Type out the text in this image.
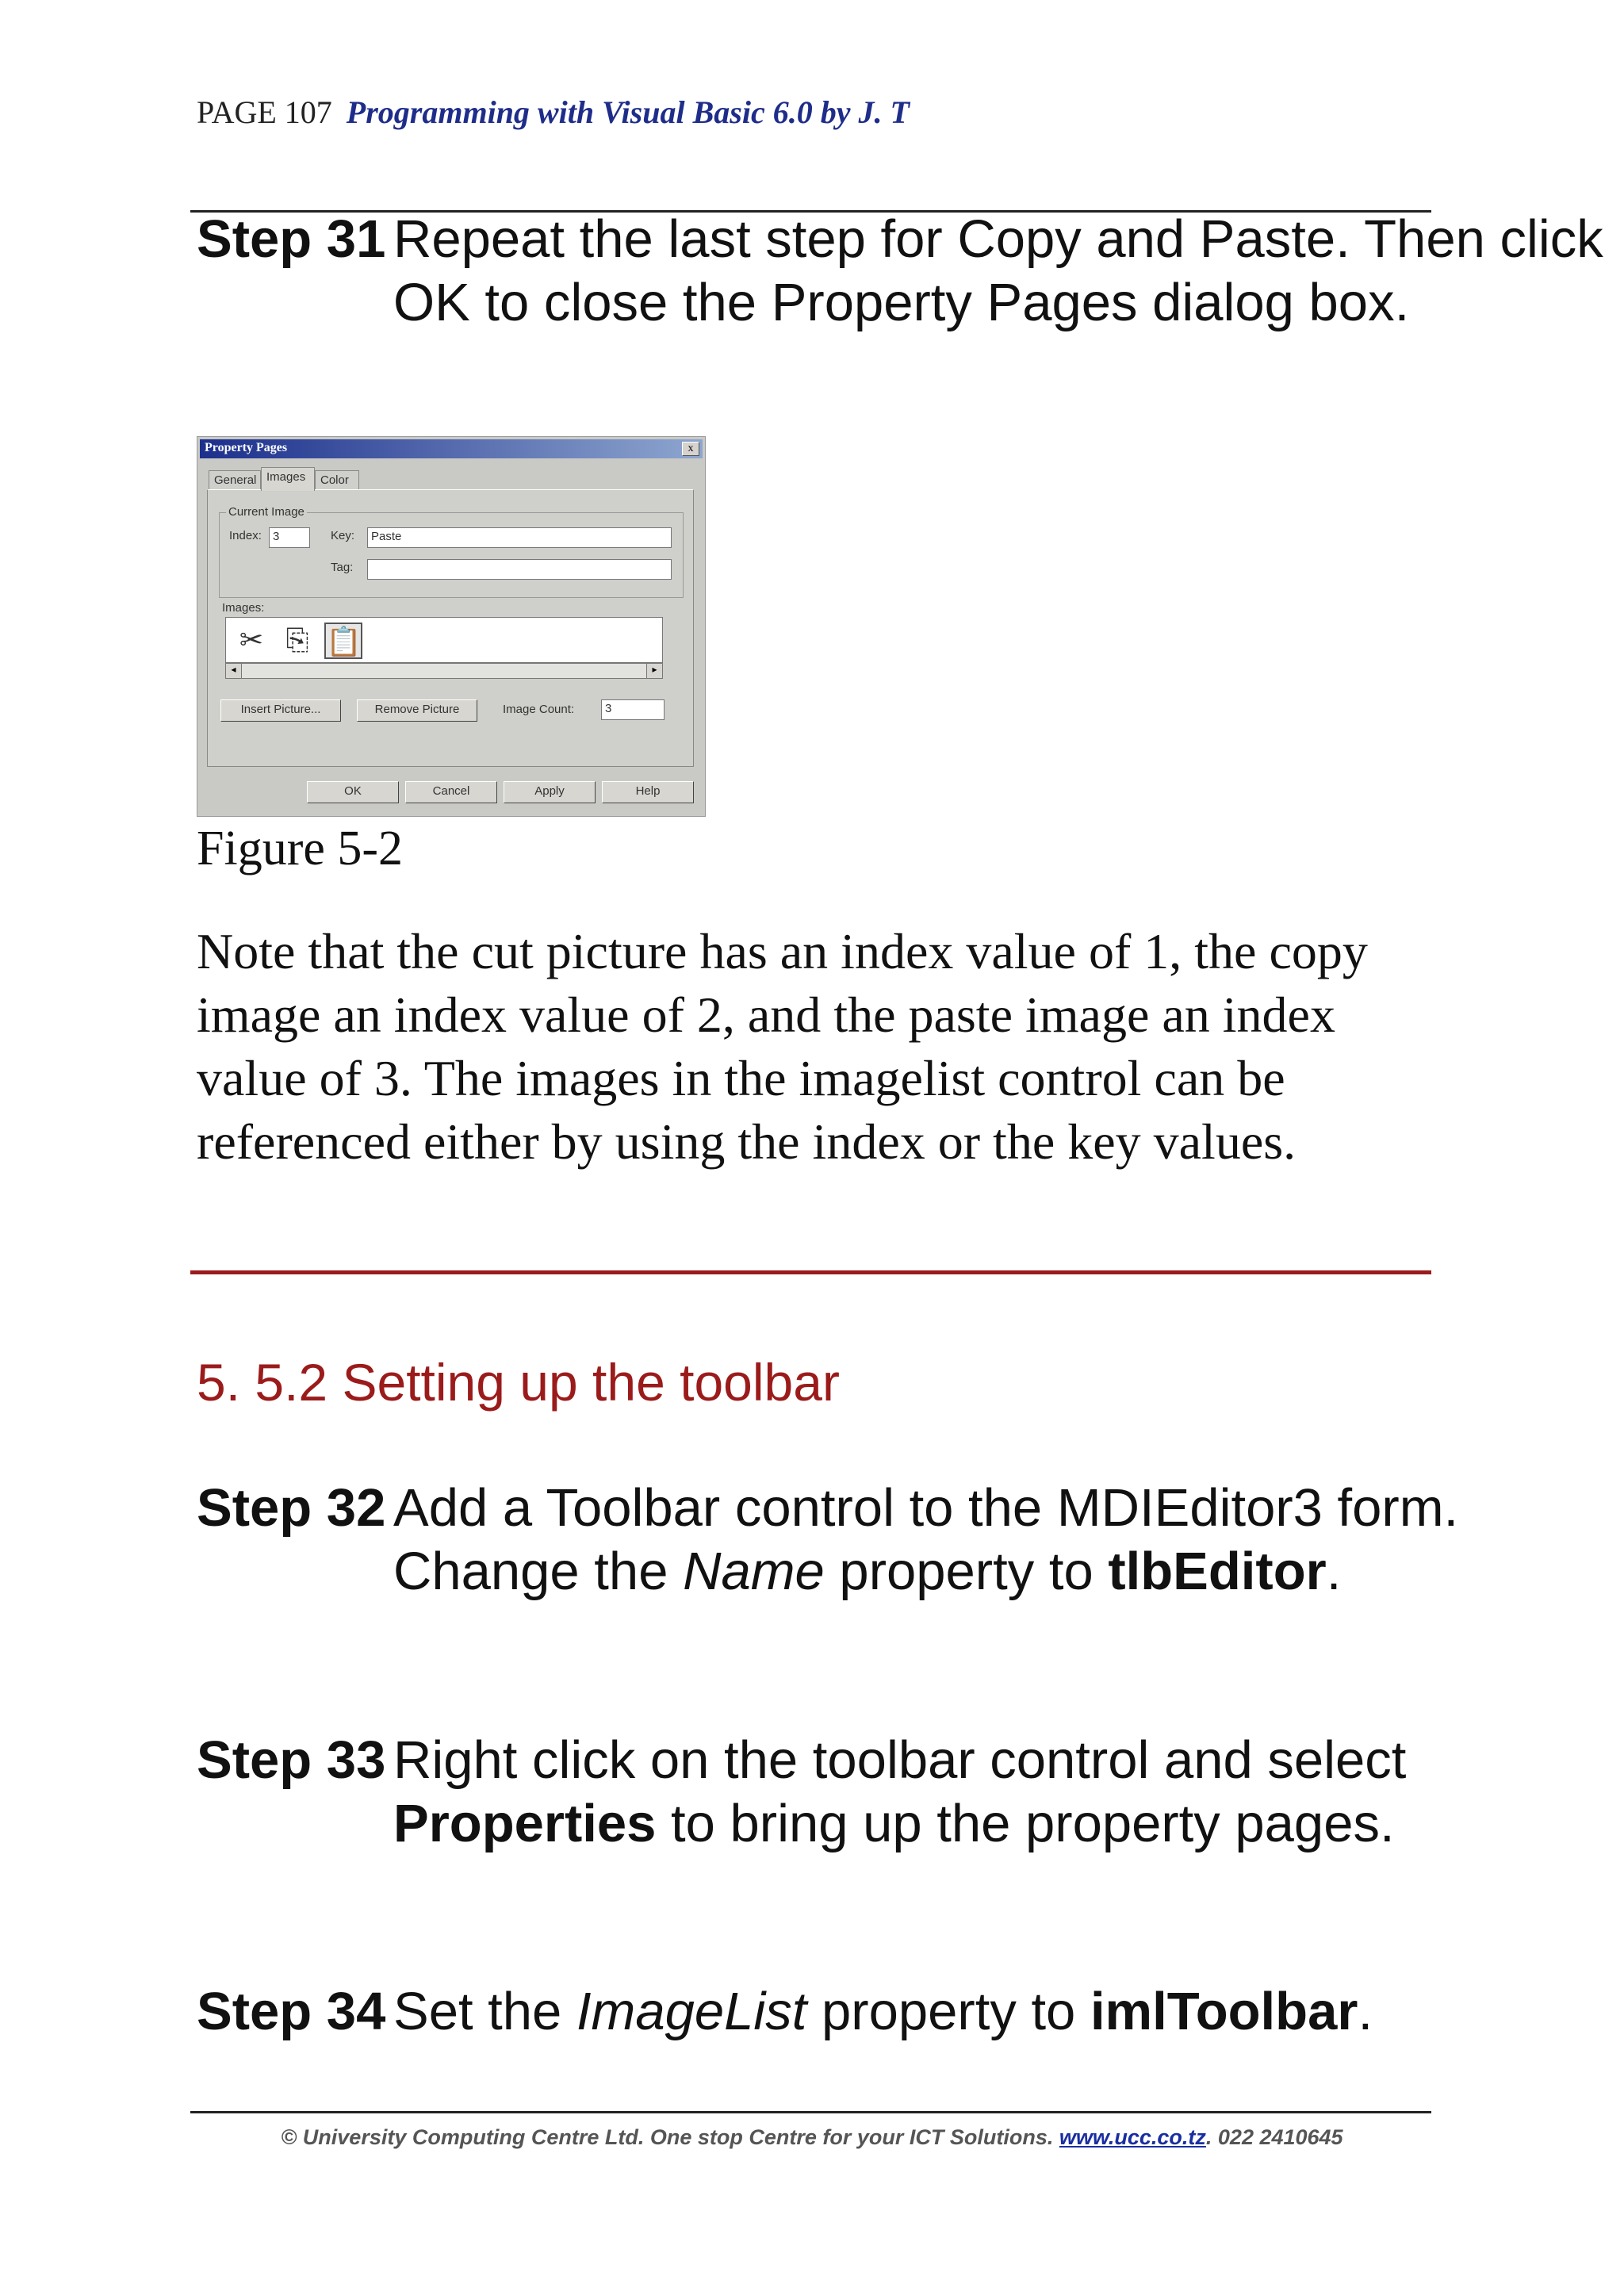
PAGE 107 Programming with Visual Basic 6.0 by J. T
Step 31 Repeat the last step for Copy and Paste. Then click OK to close the Property Pages dialog box.
Property Pages	x
General Images	Color
Current Image
Index: 3	Key:	Paste
Tag:
Images:
✂ ⎘ 📋
◂	▸
Insert Picture...	Remove Picture	Image Count:	3
OK	Cancel	Apply	Help
Figure 5-2
Note that the cut picture has an index value of 1, the copy image an index value of 2, and the paste image an index value of 3. The images in the imagelist control can be referenced either by using the index or the key values.
5. 5.2 Setting up the toolbar
Step 32 Add a Toolbar control to the MDIEditor3 form. Change the Name property to tlbEditor.
Step 33 Right click on the toolbar control and select Properties to bring up the property pages.
Step 34 Set the ImageList property to imlToolbar.
© University Computing Centre Ltd. One stop Centre for your ICT Solutions. www.ucc.co.tz. 022 2410645
